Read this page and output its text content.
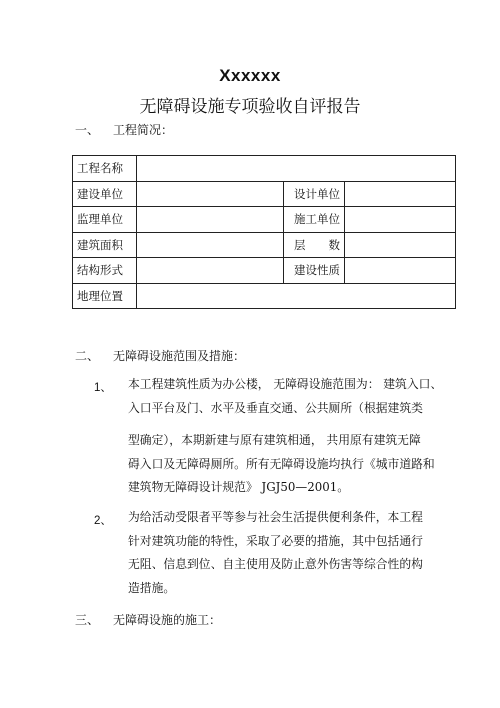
Xxxxxx
无障碍设施专项验收自评报告
一、 工程简况：
工程名称			
建设单位		设计单位	
监理单位		施工单位	
建筑面积		层　　数	
结构形式		建设性质	
地理位置			
二、 无障碍设施范围及措施：
1、 本工程建筑性质为办公楼， 无障碍设施范围为： 建筑入口、
入口平台及门、水平及垂直交通、公共厕所（根据建筑类
型确定），本期新建与原有建筑相通， 共用原有建筑无障
碍入口及无障碍厕所。所有无障碍设施均执行《城市道路和
建筑物无障碍设计规范》 JGJ50—2001。
2、 为给活动受限者平等参与社会生活提供便利条件，本工程
针对建筑功能的特性，采取了必要的措施，其中包括通行
无阻、信息到位、自主使用及防止意外伤害等综合性的构
造措施。
三、 无障碍设施的施工：
